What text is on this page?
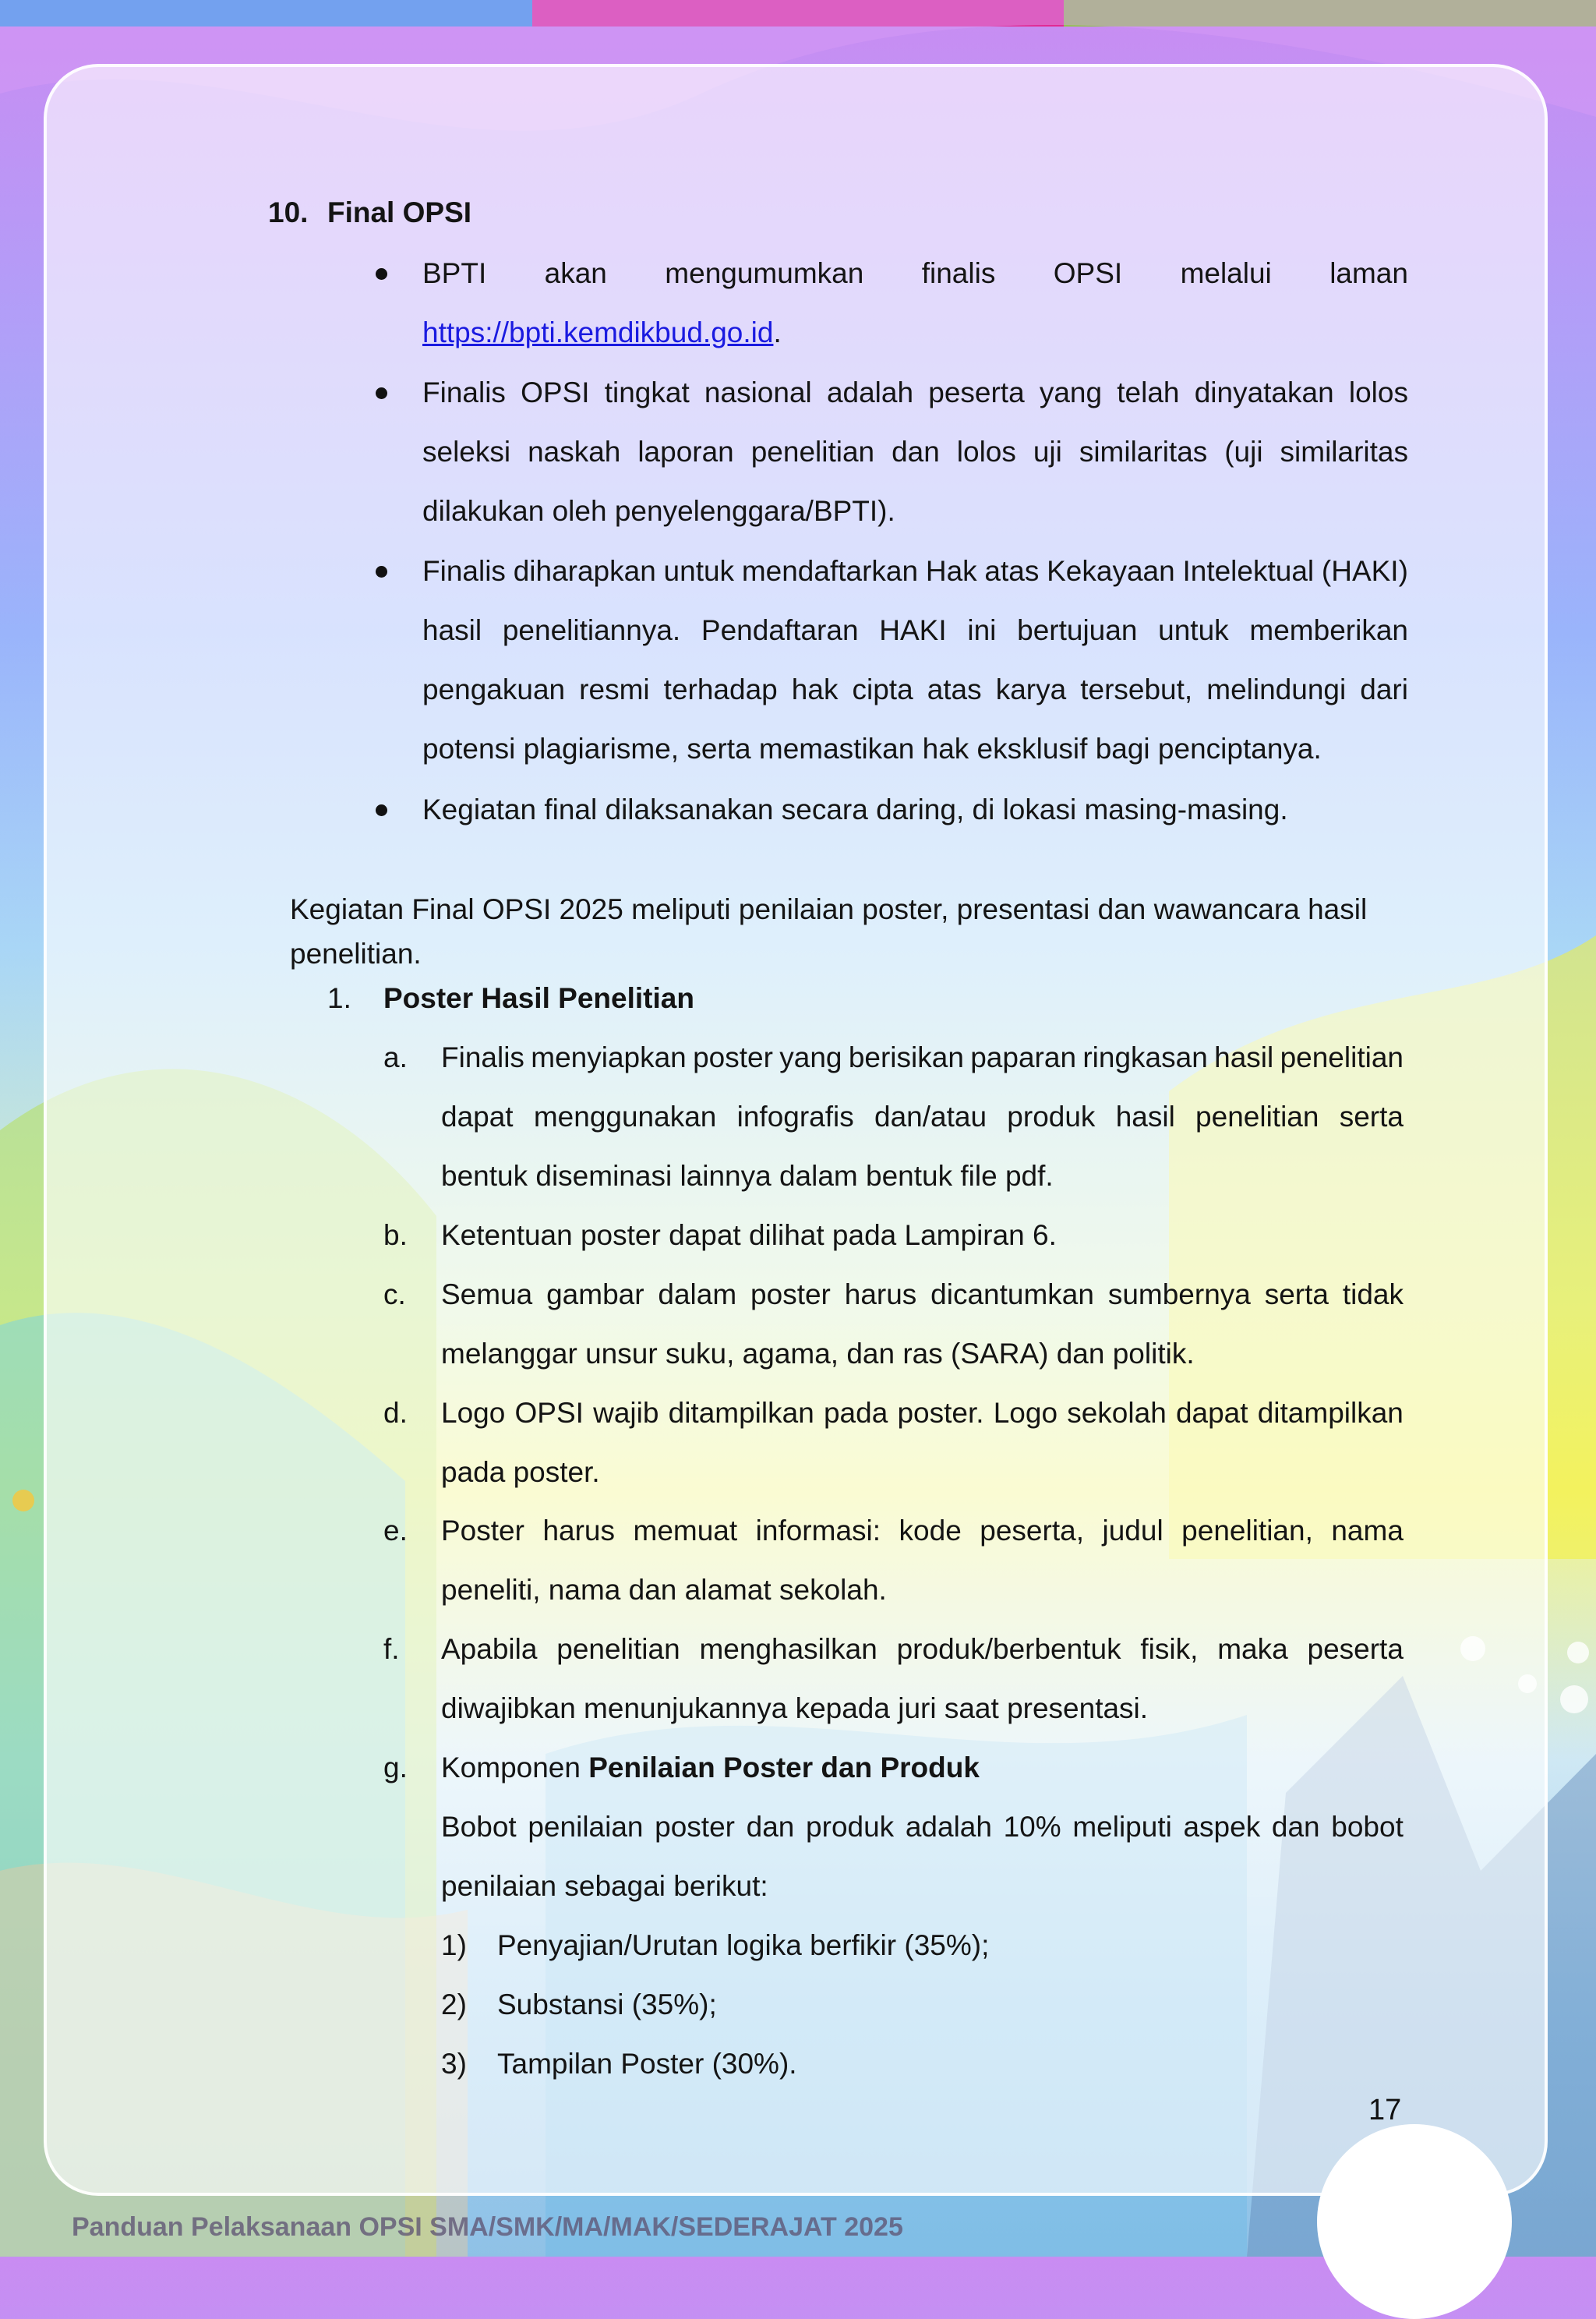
10. Final OPSI
BPTI akan mengumumkan finalis OPSI melalui laman
https://bpti.kemdikbud.go.id.
Finalis OPSI tingkat nasional adalah peserta yang telah dinyatakan lolos
seleksi naskah laporan penelitian dan lolos uji similaritas (uji similaritas
dilakukan oleh penyelenggara/BPTI).
Finalis diharapkan untuk mendaftarkan Hak atas Kekayaan Intelektual (HAKI)
hasil penelitiannya. Pendaftaran HAKI ini bertujuan untuk memberikan
pengakuan resmi terhadap hak cipta atas karya tersebut, melindungi dari
potensi plagiarisme, serta memastikan hak eksklusif bagi penciptanya.
Kegiatan final dilaksanakan secara daring, di lokasi masing-masing.
Kegiatan Final OPSI 2025 meliputi penilaian poster, presentasi dan wawancara hasil
penelitian.
1. Poster Hasil Penelitian
a. Finalis menyiapkan poster yang berisikan paparan ringkasan hasil penelitian
dapat menggunakan infografis dan/atau produk hasil penelitian serta
bentuk diseminasi lainnya dalam bentuk file pdf.
b. Ketentuan poster dapat dilihat pada Lampiran 6.
c. Semua gambar dalam poster harus dicantumkan sumbernya serta tidak
melanggar unsur suku, agama, dan ras (SARA) dan politik.
d. Logo OPSI wajib ditampilkan pada poster. Logo sekolah dapat ditampilkan
pada poster.
e. Poster harus memuat informasi: kode peserta, judul penelitian, nama
peneliti, nama dan alamat sekolah.
f. Apabila penelitian menghasilkan produk/berbentuk fisik, maka peserta
diwajibkan menunjukannya kepada juri saat presentasi.
g. Komponen Penilaian Poster dan Produk
Bobot penilaian poster dan produk adalah 10% meliputi aspek dan bobot
penilaian sebagai berikut:
1) Penyajian/Urutan logika berfikir (35%);
2) Substansi (35%);
3) Tampilan Poster (30%).
17
Panduan Pelaksanaan OPSI SMA/SMK/MA/MAK/SEDERAJAT 2025
